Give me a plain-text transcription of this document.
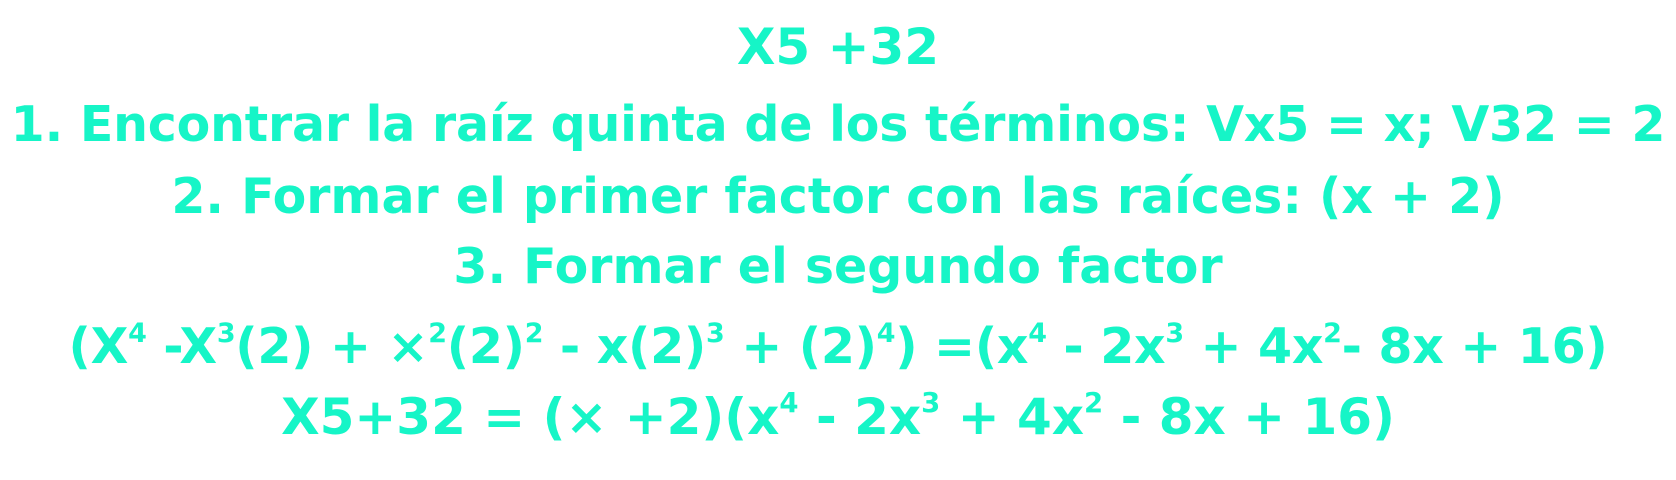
X5 +32
1. Encontrar la raíz quinta de los términos: Vx5 = x; V32 = 2
2. Formar el primer factor con las raíces: (x + 2)
3. Formar el segundo factor
($X^4$ $-X^3(2) + \times^2(2)^2 - x(2)^3 + (2)^4) =(x^4 - 2x^3 + 4x^2-$ 8x + 16)
X5+32 = (× $+2)(x^4 - 2x^3 + 4x^2 - 8x + 16)$
